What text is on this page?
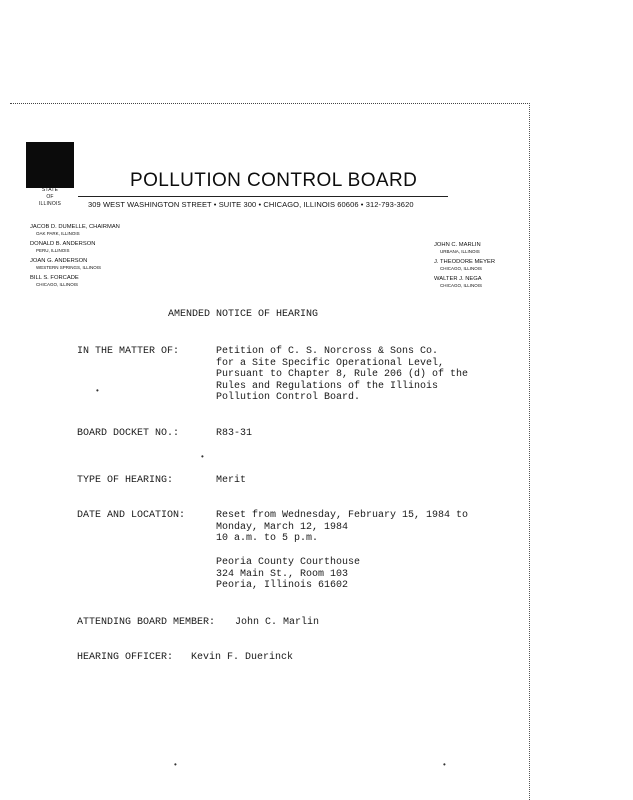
STATE
OF
ILLINOIS
POLLUTION CONTROL BOARD
309 WEST WASHINGTON STREET • SUITE 300 • CHICAGO, ILLINOIS 60606 • 312-793-3620
JACOB D. DUMELLE, CHAIRMAN
OAK PARK, ILLINOIS
DONALD B. ANDERSON
PERU, ILLINOIS
JOAN G. ANDERSON
WESTERN SPRINGS, ILLINOIS
BILL S. FORCADE
CHICAGO, ILLINOIS
JOHN C. MARLIN
URBANA, ILLINOIS
J. THEODORE MEYER
CHICAGO, ILLINOIS
WALTER J. NEGA
CHICAGO, ILLINOIS
AMENDED NOTICE OF HEARING
IN THE MATTER OF:	Petition of C. S. Norcross & Sons Co.
for a Site Specific Operational Level,
Pursuant to Chapter 8, Rule 206 (d) of the
Rules and Regulations of the Illinois
Pollution Control Board.
•
BOARD DOCKET NO.:	R83-31
•
TYPE OF HEARING:	Merit
DATE AND LOCATION:	Reset from Wednesday, February 15, 1984 to
Monday, March 12, 1984
10 a.m. to 5 p.m.
Peoria County Courthouse
324 Main St., Room 103
Peoria, Illinois 61602
ATTENDING BOARD MEMBER: John C. Marlin
HEARING OFFICER: Kevin F. Duerinck
•	•
